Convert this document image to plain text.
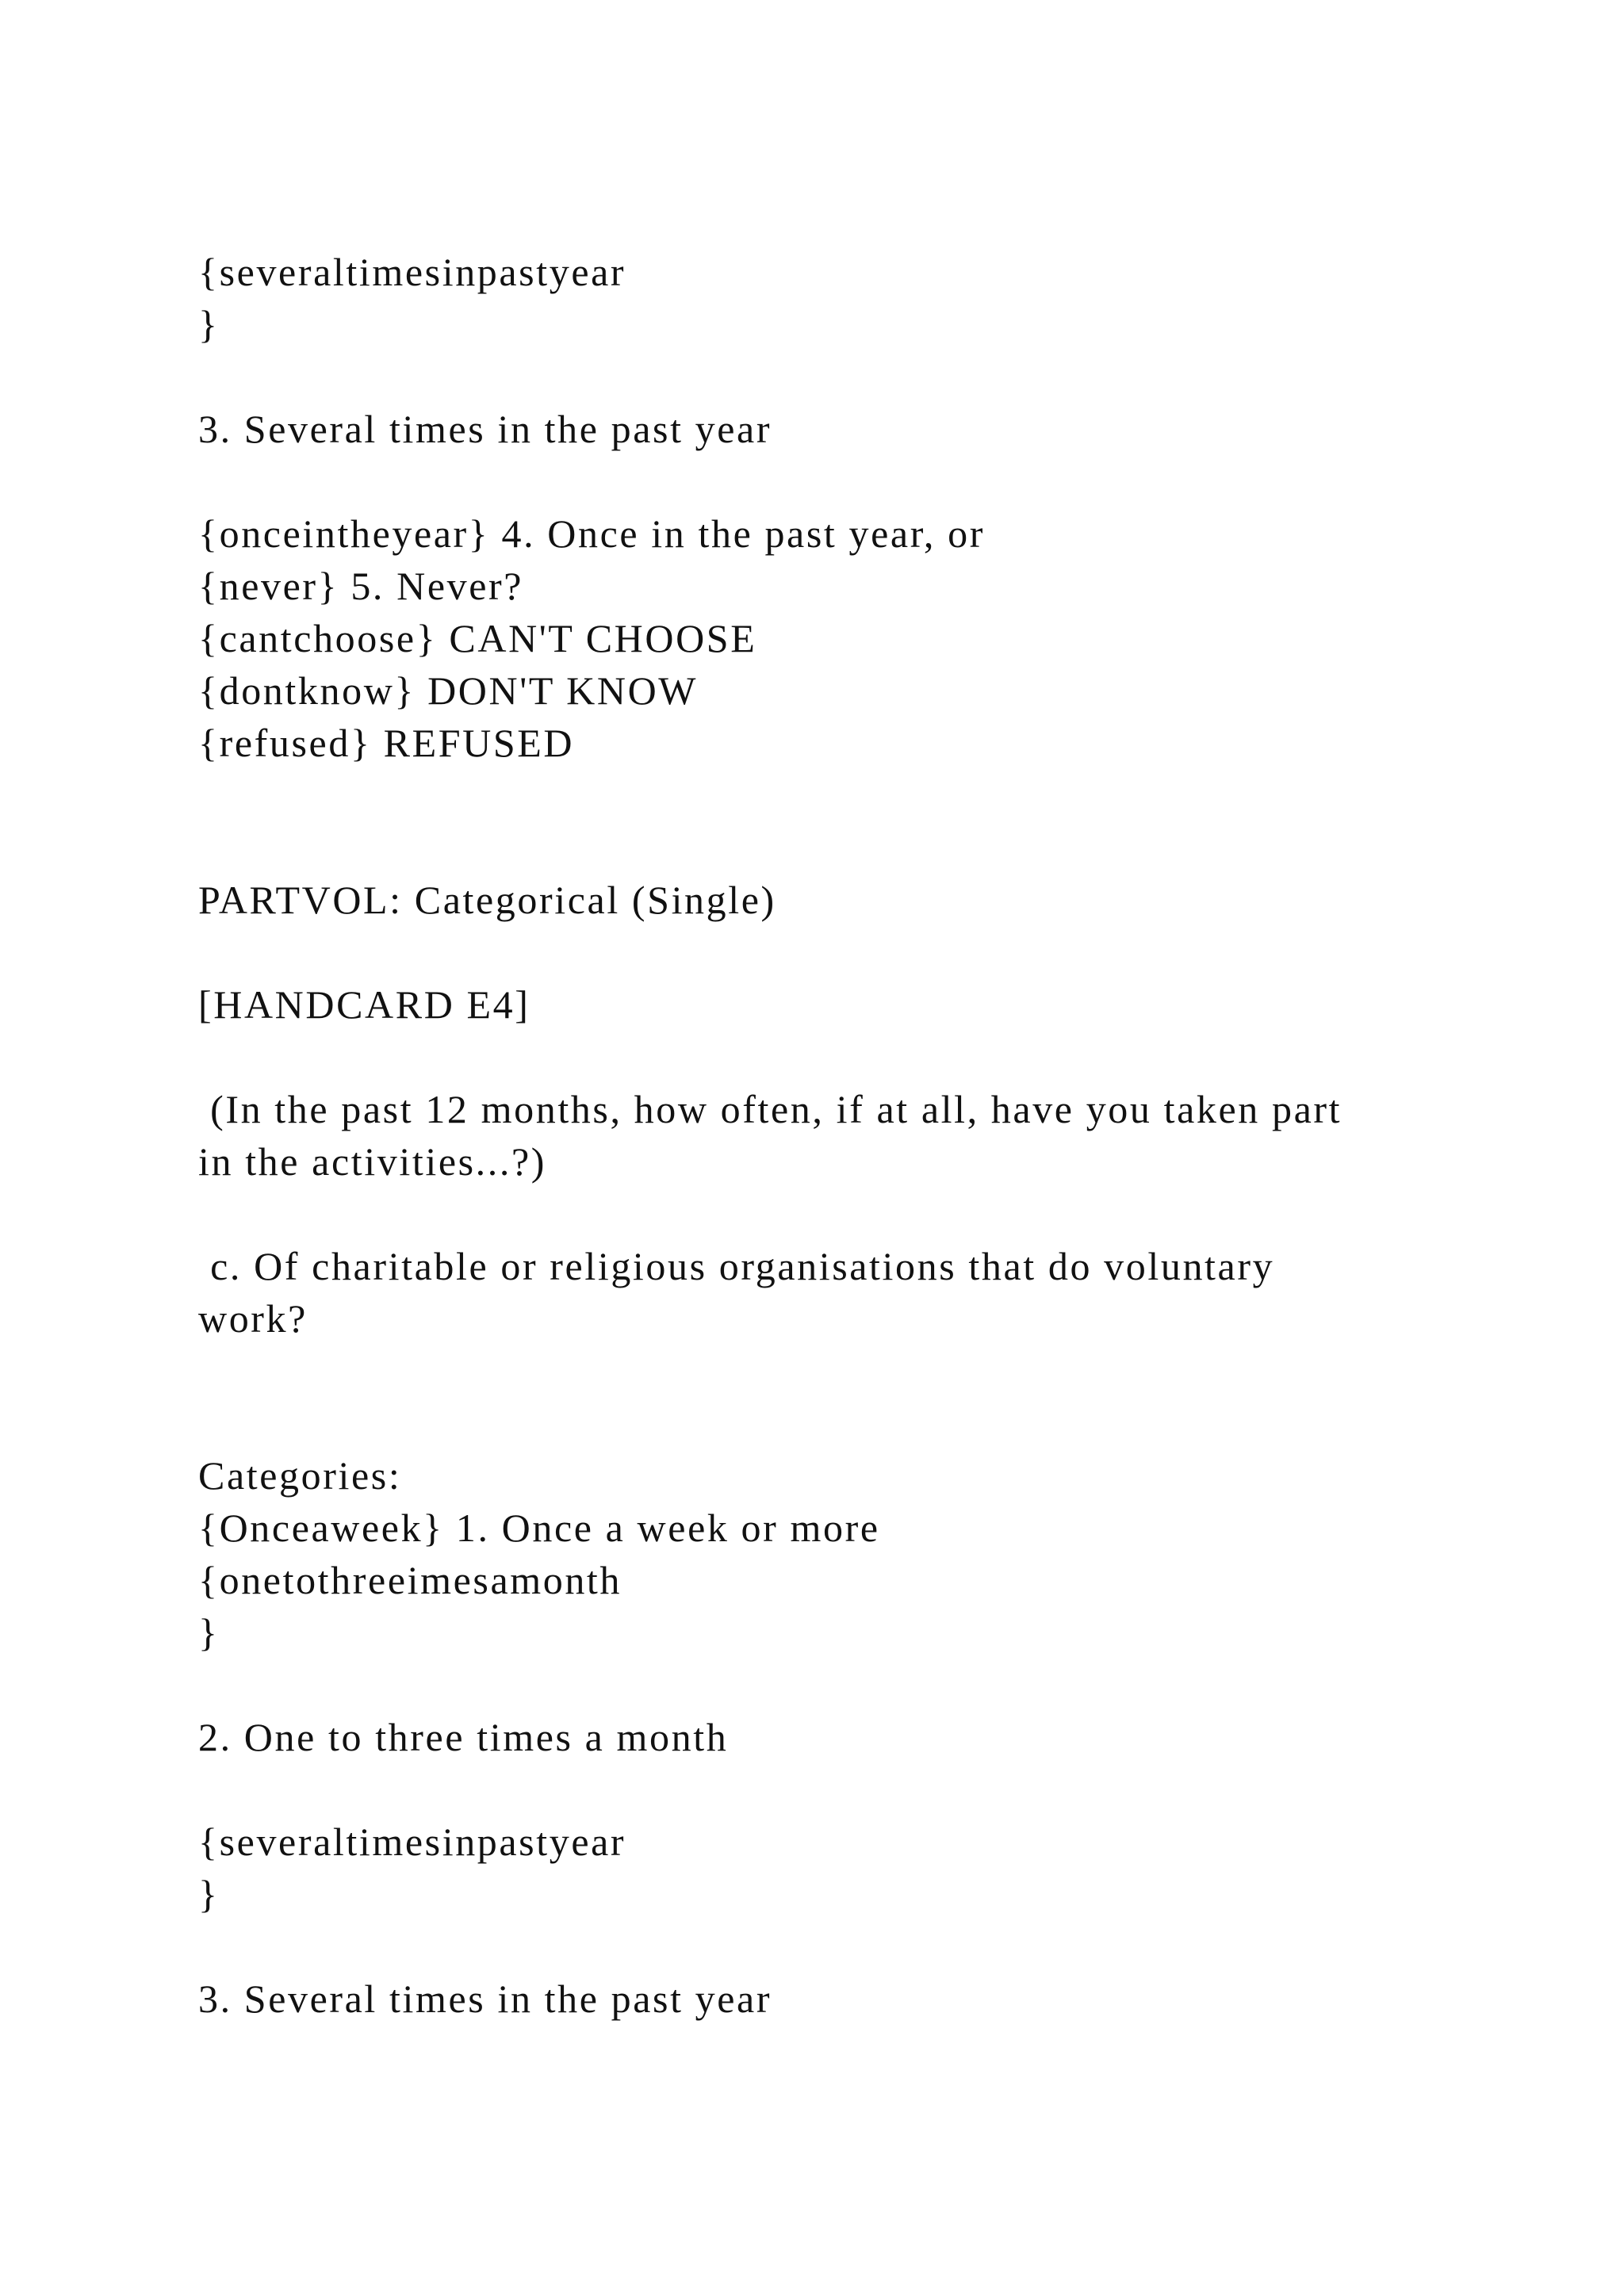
{severaltimesinpastyear
}
3. Several times in the past year
{onceintheyear} 4. Once in the past year, or
{never} 5. Never?
{cantchoose} CAN'T CHOOSE
{dontknow} DON'T KNOW
{refused} REFUSED
PARTVOL: Categorical (Single)
[HANDCARD E4]
(In the past 12 months, how often, if at all, have you taken part
in the activities...?)
c. Of charitable or religious organisations that do voluntary
work?
Categories:
{Onceaweek} 1. Once a week or more
{onetothreeimesamonth
}
2. One to three times a month
{severaltimesinpastyear
}
3. Several times in the past year
